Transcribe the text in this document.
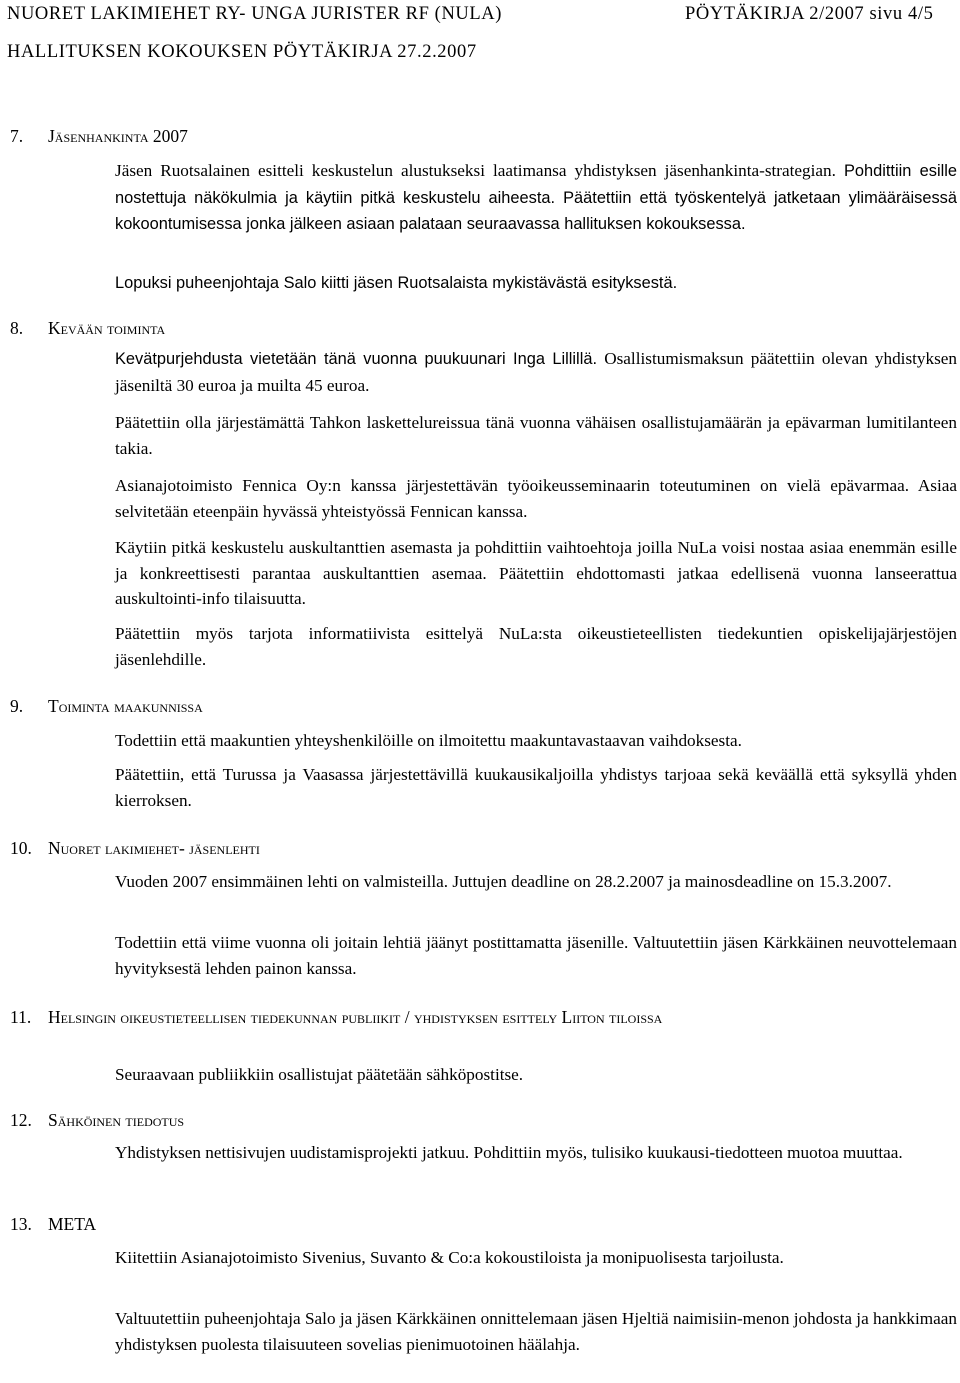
NUORET LAKIMIEHET RY- UNGA JURISTER RF (NULA)	PÖYTÄKIRJA 2/2007 sivu 4/5
HALLITUKSEN KOKOUKSEN PÖYTÄKIRJA 27.2.2007
7. Jäsenhankinta 2007
Jäsen Ruotsalainen esitteli keskustelun alustukseksi laatimansa yhdistyksen jäsenhankinta-strategian. Pohdittiin esille nostettuja näkökulmia ja käytiin pitkä keskustelu aiheesta. Päätettiin että työskentelyä jatketaan ylimääräisessä kokoontumisessa jonka jälkeen asiaan palataan seuraavassa hallituksen kokouksessa.
Lopuksi puheenjohtaja Salo kiitti jäsen Ruotsalaista mykistävästä esityksestä.
8. Kevään toiminta
Kevätpurjehdusta vietetään tänä vuonna puukuunari Inga Lillillä. Osallistumismaksun päätettiin olevan yhdistyksen jäseniltä 30 euroa ja muilta 45 euroa.
Päätettiin olla järjestämättä Tahkon laskettelureissua tänä vuonna vähäisen osallistujamäärän ja epävarman lumitilanteen takia.
Asianajotoimisto Fennica Oy:n kanssa järjestettävän työoikeusseminaarin toteutuminen on vielä epävarmaa. Asiaa selvitetään eteenpäin hyvässä yhteistyössä Fennican kanssa.
Käytiin pitkä keskustelu auskultanttien asemasta ja pohdittiin vaihtoehtoja joilla NuLa voisi nostaa asiaa enemmän esille ja konkreettisesti parantaa auskultanttien asemaa. Päätettiin ehdottomasti jatkaa edellisenä vuonna lanseerattua auskultointi-info tilaisuutta.
Päätettiin myös tarjota informatiivista esittelyä NuLa:sta oikeustieteellisten tiedekuntien opiskelijajärjestöjen jäsenlehdille.
9. Toiminta maakunnissa
Todettiin että maakuntien yhteyshenkilöille on ilmoitettu maakuntavastaavan vaihdoksesta.
Päätettiin, että Turussa ja Vaasassa järjestettävillä kuukausikaljoilla yhdistys tarjoaa sekä keväällä että syksyllä yhden kierroksen.
10. Nuoret lakimiehet- jäsenlehti
Vuoden 2007 ensimmäinen lehti on valmisteilla. Juttujen deadline on 28.2.2007 ja mainosdeadline on 15.3.2007.
Todettiin että viime vuonna oli joitain lehtiä jäänyt postittamatta jäsenille. Valtuutettiin jäsen Kärkkäinen neuvottelemaan hyvityksestä lehden painon kanssa.
11. Helsingin oikeustieteellisen tiedekunnan publiikit / yhdistyksen esittely Liiton tiloissa
Seuraavaan publiikkiin osallistujat päätetään sähköpostitse.
12. Sähköinen tiedotus
Yhdistyksen nettisivujen uudistamisprojekti jatkuu. Pohdittiin myös, tulisiko kuukausi-tiedotteen muotoa muuttaa.
13. META
Kiitettiin Asianajotoimisto Sivenius, Suvanto & Co:a kokoustiloista ja monipuolisesta tarjoilusta.
Valtuutettiin puheenjohtaja Salo ja jäsen Kärkkäinen onnittelemaan jäsen Hjeltiä naimisiin-menon johdosta ja hankkimaan yhdistyksen puolesta tilaisuuteen sovelias pienimuotoinen häälahja.
